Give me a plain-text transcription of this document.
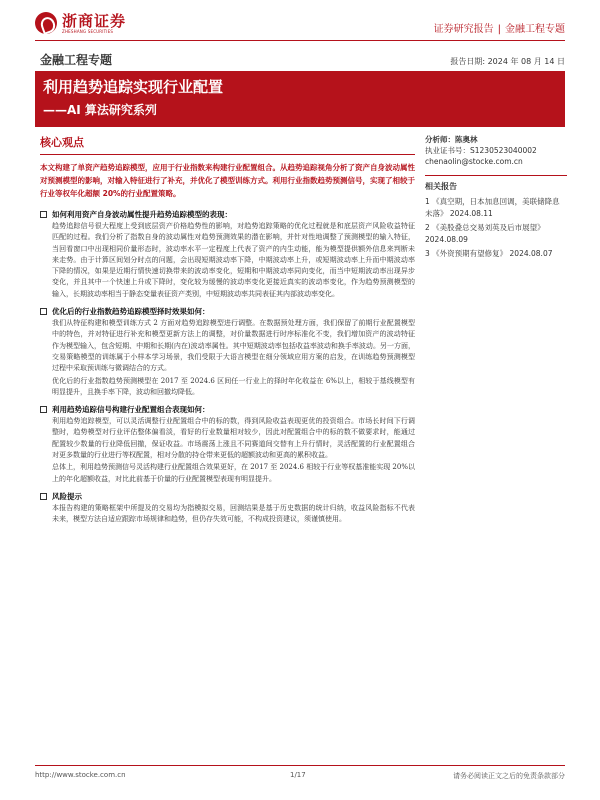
浙商证券
ZHESHANG SECURITIES	证券研究报告 | 金融工程专题
金融工程专题	报告日期: 2024 年 08 月 14 日
利用趋势追踪实现行业配置
——AI 算法研究系列
核心观点
本文构建了单资产趋势追踪模型，应用于行业指数来构建行业配置组合。从趋势追踪视角分析了资产自身波动属性对预测模型的影响，对输入特征进行了补充，并优化了模型训练方式。利用行业指数趋势预测信号，实现了相较于行业等权年化超额 20%的行业配置策略。
如何利用资产自身波动属性提升趋势追踪模型的表现：

趋势追踪信号很大程度上受到底层资产价格趋势性的影响，对趋势追踪策略的优化过程就是和底层资产风险收益特征匹配的过程。我们分析了指数自身的波动属性对趋势预测效果的潜在影响，并针对性地调整了预测模型的输入特征，当回看窗口中出现相同价量形态时，波动率水平一定程度上代表了资产的内生动能，能为模型提供额外信息来判断未来走势。由于计算区间划分时点的问题，会出现短期波动率下降，中期波动率上升，或短期波动率上升而中期波动率下降的情况，如果是近期行情快速切换带来的波动率变化，短期和中期波动率同向变化，而当中短期波动率出现异步变化，并且其中一个快速上升或下降时，变化较为缓慢的波动率变化更接近真实的波动率变化，作为趋势预测模型的输入，长期波动率相当于静态变量表征资产类别，中短期波动率共同表征其内部波动率变化。

优化后的行业指数趋势追踪模型择时效果如何：

我们从特征构建和模型训练方式 2 方面对趋势追踪模型进行调整。在数据预处理方面，我们保留了前期行业配置模型中的特色，并对特征进行补充和模型更新方法上的调整，对价量数据进行时序标准化不变，我们增加资产的波动特征作为模型输入，包含短期、中期和长期(内在)波动率属性。其中短期波动率包括收益率波动和换手率波动。另一方面，交易策略模型的训练属于小样本学习场景，我们受限于大语言模型在细分领域应用方案的启发，在训练趋势预测模型过程中采取预训练与微调结合的方式。

优化后的行业指数趋势预测模型在 2017 至 2024.6 区间任一行业上的择时年化收益在 6%以上，相较于基线模型有明显提升，且换手率下降，波动和回撤均降低。

利用趋势追踪信号构建行业配置组合表现如何：

利用趋势追踪模型，可以灵活调整行业配置组合中的标的数，得到风险收益表现更优的投资组合。市场长时间下行调整时，趋势模型对行业评估整体偏看淡，看好的行业数量相对较少，因此对配置组合中的标的数不做要求时，能通过配置较少数量的行业降低回撤，保证收益。市场震荡上涨且不同赛道间交替有上升行情时，灵活配置的行业配置组合对更多数量的行业进行等权配置，相对分散的持仓带来更低的超额波动和更高的累积收益。

总体上，利用趋势预测信号灵活构建行业配置组合效果更好，在 2017 至 2024.6 相较于行业等权基准能实现 20%以上的年化超额收益，对比此前基于价量的行业配置模型表现有明显提升。

风险提示

本报告构建的策略框架中所提及的交易均为指模拟交易，回测结果是基于历史数据的统计归纳，收益风险指标不代表未来，模型方法自适应跟踪市场规律和趋势，但仍存失效可能，不构成投资建议，须谨慎使用。

分析师：陈奥林
执业证书号：S1230523040002
chenaolin@stocke.com.cn
相关报告
1 《真空期，日本加息回调，美联储降息未落》 2024.08.11
2 《美股叠总交易刘英及后市展望》 2024.08.09
3 《外资预期有望修复》 2024.08.07
http://www.stocke.com.cn	1/17	请务必阅读正文之后的免责条款部分
